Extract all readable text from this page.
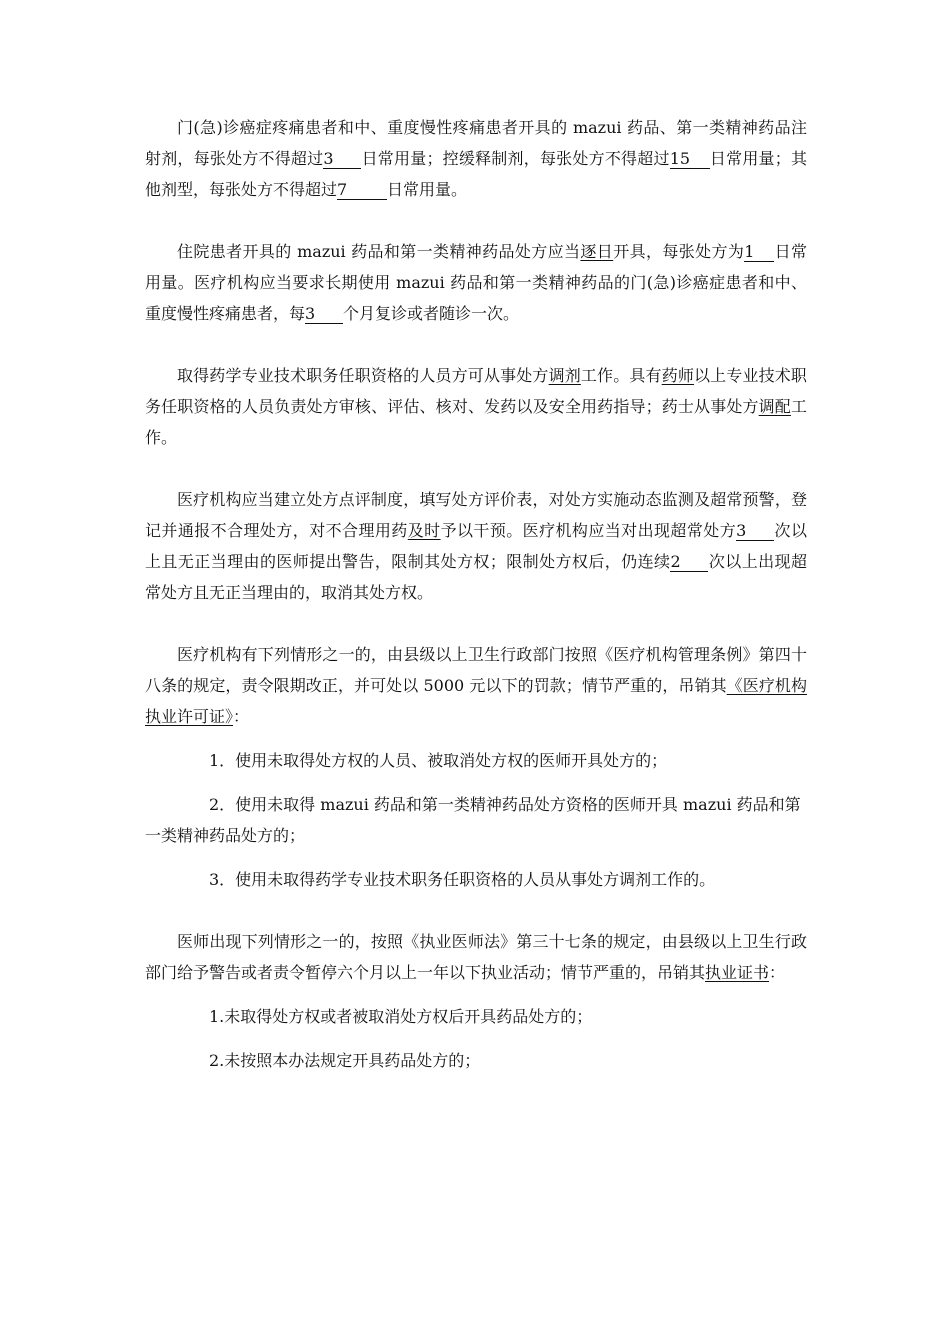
门(急)诊癌症疼痛患者和中、重度慢性疼痛患者开具的 mazui 药品、第一类精神药品注射剂，每张处方不得超过3 日常用量；控缓释制剂，每张处方不得超过15 日常用量；其他剂型，每张处方不得超过7 日常用量。

住院患者开具的 mazui 药品和第一类精神药品处方应当逐日开具，每张处方为1 日常用量。医疗机构应当要求长期使用 mazui 药品和第一类精神药品的门(急)诊癌症患者和中、重度慢性疼痛患者，每3 个月复诊或者随诊一次。

取得药学专业技术职务任职资格的人员方可从事处方调剂工作。具有药师以上专业技术职务任职资格的人员负责处方审核、评估、核对、发药以及安全用药指导；药士从事处方调配工作。

医疗机构应当建立处方点评制度，填写处方评价表，对处方实施动态监测及超常预警，登记并通报不合理处方，对不合理用药及时予以干预。医疗机构应当对出现超常处方3 次以上且无正当理由的医师提出警告，限制其处方权；限制处方权后，仍连续2 次以上出现超常处方且无正当理由的，取消其处方权。

医疗机构有下列情形之一的，由县级以上卫生行政部门按照《医疗机构管理条例》第四十八条的规定，责令限期改正，并可处以 5000 元以下的罚款；情节严重的，吊销其《医疗机构执业许可证》：

1．使用未取得处方权的人员、被取消处方权的医师开具处方的；

2．使用未取得 mazui 药品和第一类精神药品处方资格的医师开具 mazui 药品和第一类精神药品处方的；

3．使用未取得药学专业技术职务任职资格的人员从事处方调剂工作的。

医师出现下列情形之一的，按照《执业医师法》第三十七条的规定，由县级以上卫生行政部门给予警告或者责令暂停六个月以上一年以下执业活动；情节严重的，吊销其执业证书：

1.未取得处方权或者被取消处方权后开具药品处方的；

2.未按照本办法规定开具药品处方的；
